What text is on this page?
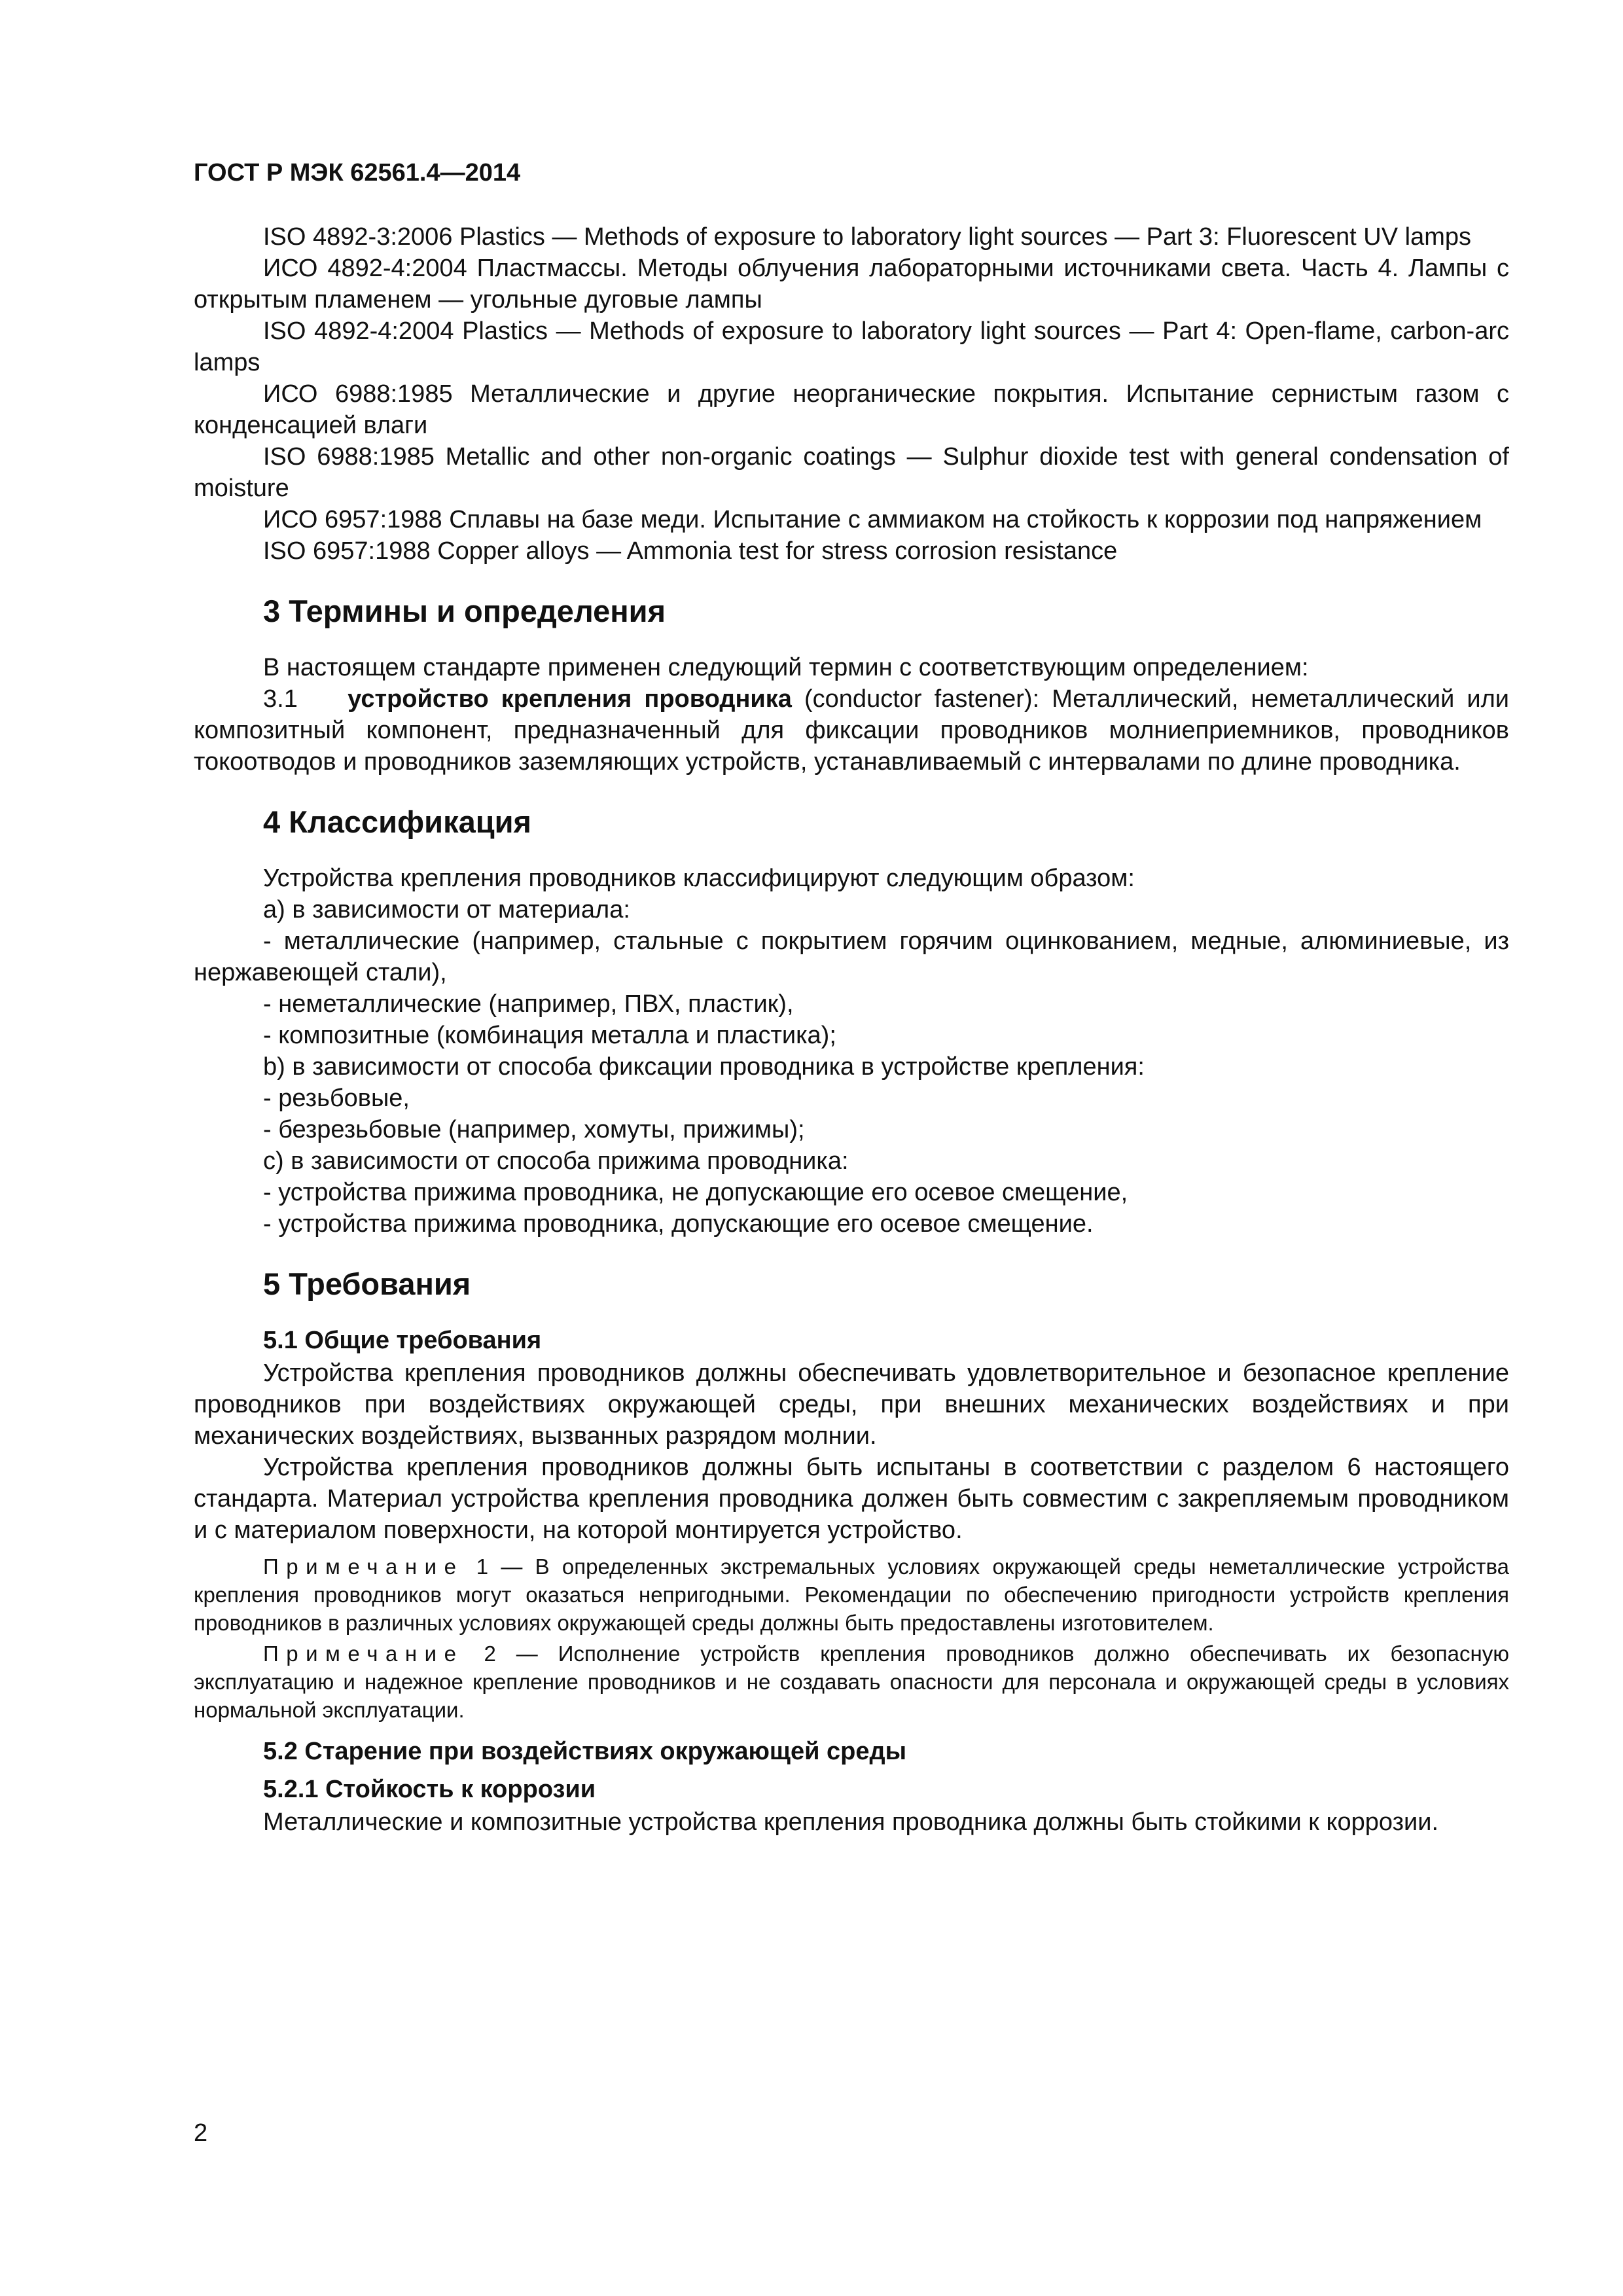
ГОСТ Р МЭК 62561.4—2014

ISO 4892-3:2006 Plastics — Methods of exposure to laboratory light sources — Part 3: Fluorescent UV lamps

ИСО 4892-4:2004 Пластмассы. Методы облучения лабораторными источниками света. Часть 4. Лампы с открытым пламенем — угольные дуговые лампы

ISO 4892-4:2004 Plastics — Methods of exposure to laboratory light sources — Part 4: Open-flame, carbon-arc lamps

ИСО 6988:1985 Металлические и другие неорганические покрытия. Испытание сернистым газом с конденсацией влаги

ISO 6988:1985 Metallic and other non-organic coatings — Sulphur dioxide test with general condensation of moisture

ИСО 6957:1988 Сплавы на базе меди. Испытание с аммиаком на стойкость к коррозии под напряжением

ISO 6957:1988 Copper alloys — Ammonia test for stress corrosion resistance

3 Термины и определения

В настоящем стандарте применен следующий термин с соответствующим определением:

3.1 устройство крепления проводника (conductor fastener): Металлический, неметаллический или композитный компонент, предназначенный для фиксации проводников молниеприемников, проводников токоотводов и проводников заземляющих устройств, устанавливаемый с интервалами по длине проводника.

4 Классификация

Устройства крепления проводников классифицируют следующим образом:

а) в зависимости от материала:

- металлические (например, стальные с покрытием горячим оцинкованием, медные, алюминиевые, из нержавеющей стали),

- неметаллические (например, ПВХ, пластик),

- композитные (комбинация металла и пластика);

b) в зависимости от способа фиксации проводника в устройстве крепления:

- резьбовые,

- безрезьбовые (например, хомуты, прижимы);

с) в зависимости от способа прижима проводника:

- устройства прижима проводника, не допускающие его осевое смещение,

- устройства прижима проводника, допускающие его осевое смещение.

5 Требования
5.1 Общие требования

Устройства крепления проводников должны обеспечивать удовлетворительное и безопасное крепление проводников при воздействиях окружающей среды, при внешних механических воздействиях и при механических воздействиях, вызванных разрядом молнии.

Устройства крепления проводников должны быть испытаны в соответствии с разделом 6 настоящего стандарта. Материал устройства крепления проводника должен быть совместим с закрепляемым проводником и с материалом поверхности, на которой монтируется устройство.

Примечание 1 — В определенных экстремальных условиях окружающей среды неметаллические устройства крепления проводников могут оказаться непригодными. Рекомендации по обеспечению пригодности устройств крепления проводников в различных условиях окружающей среды должны быть предоставлены изготовителем.
Примечание 2 — Исполнение устройств крепления проводников должно обеспечивать их безопасную эксплуатацию и надежное крепление проводников и не создавать опасности для персонала и окружающей среды в условиях нормальной эксплуатации.
5.2 Старение при воздействиях окружающей среды
5.2.1 Стойкость к коррозии

Металлические и композитные устройства крепления проводника должны быть стойкими к коррозии.

2
